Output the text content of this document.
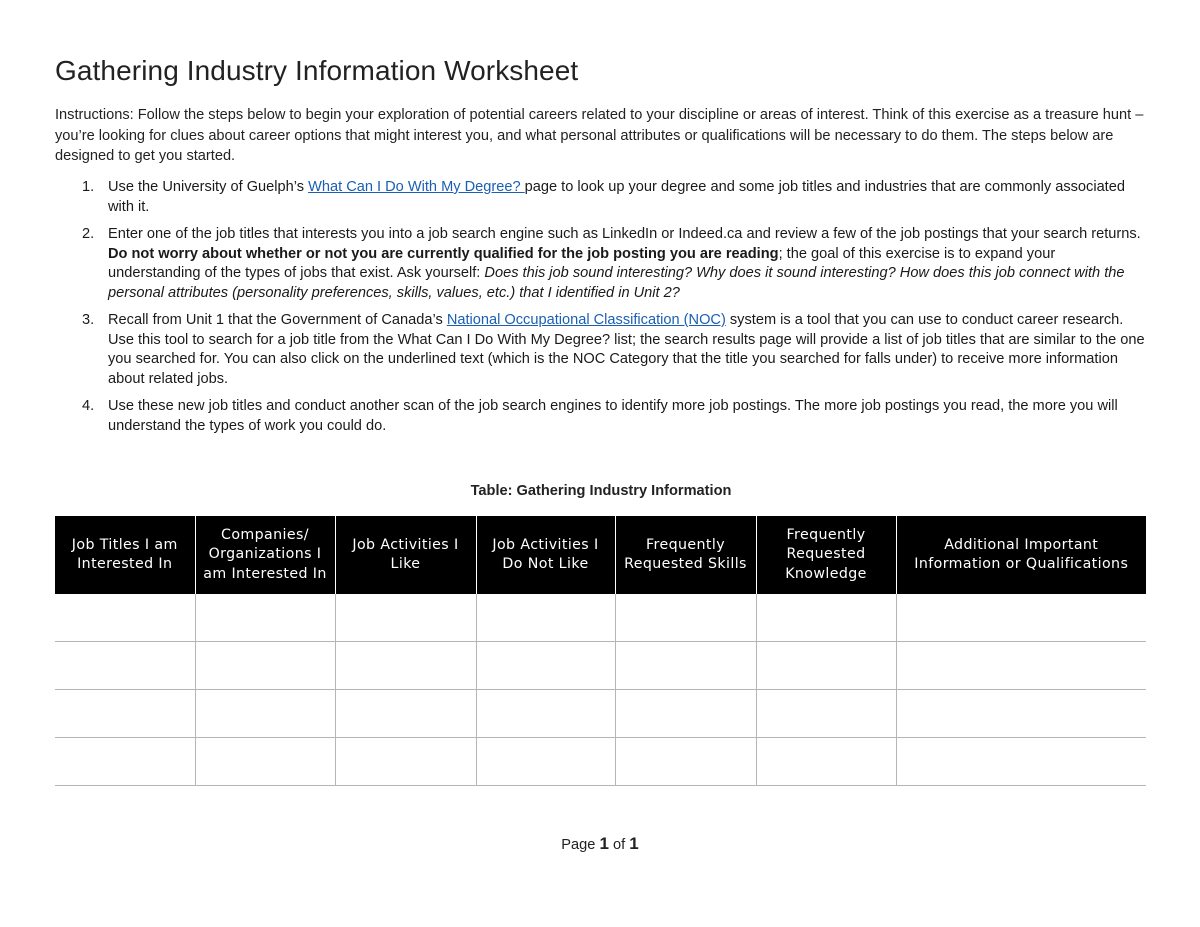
Gathering Industry Information Worksheet
Instructions: Follow the steps below to begin your exploration of potential careers related to your discipline or areas of interest. Think of this exercise as a treasure hunt – you’re looking for clues about career options that might interest you, and what personal attributes or qualifications will be necessary to do them. The steps below are designed to get you started.
1. Use the University of Guelph’s What Can I Do With My Degree? page to look up your degree and some job titles and industries that are commonly associated with it.
2. Enter one of the job titles that interests you into a job search engine such as LinkedIn or Indeed.ca and review a few of the job postings that your search returns. Do not worry about whether or not you are currently qualified for the job posting you are reading; the goal of this exercise is to expand your understanding of the types of jobs that exist. Ask yourself: Does this job sound interesting? Why does it sound interesting? How does this job connect with the personal attributes (personality preferences, skills, values, etc.) that I identified in Unit 2?
3. Recall from Unit 1 that the Government of Canada’s National Occupational Classification (NOC) system is a tool that you can use to conduct career research. Use this tool to search for a job title from the What Can I Do With My Degree? list; the search results page will provide a list of job titles that are similar to the one you searched for. You can also click on the underlined text (which is the NOC Category that the title you searched for falls under) to receive more information about related jobs.
4. Use these new job titles and conduct another scan of the job search engines to identify more job postings. The more job postings you read, the more you will understand the types of work you could do.
Table: Gathering Industry Information
Job Titles I am Interested In	Companies/ Organizations I am Interested In	Job Activities I Like	Job Activities I Do Not Like	Frequently Requested Skills	Frequently Requested Knowledge	Additional Important Information or Qualifications

Page 1 of 1
